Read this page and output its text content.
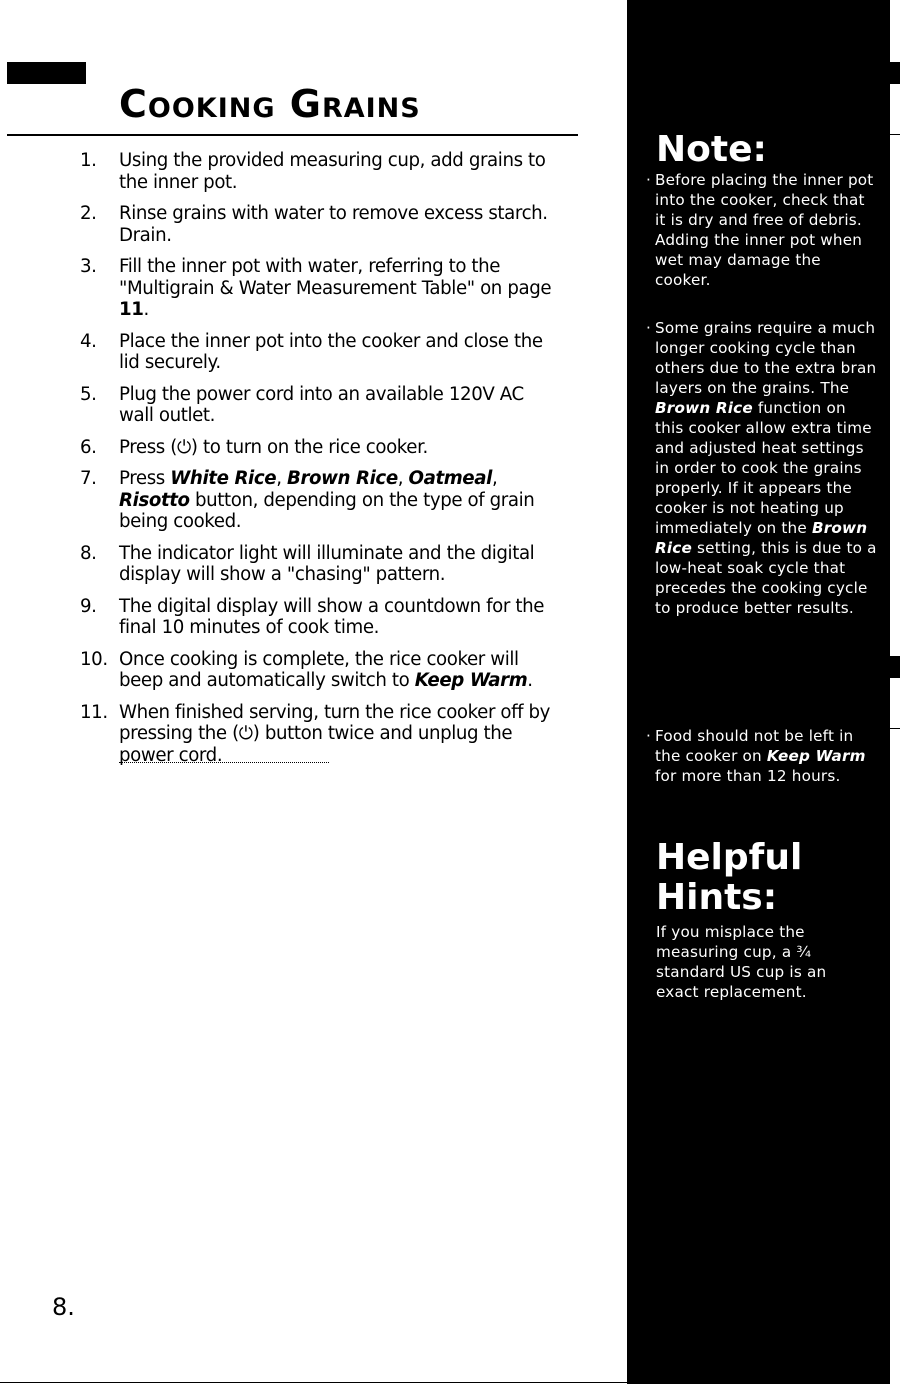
Cooking Grains
1.	Using the provided measuring cup, add grains to the inner pot.
2.	Rinse grains with water to remove excess starch. Drain.
3.	Fill the inner pot with water, referring to the "Multigrain & Water Measurement Table" on page 11.
4.	Place the inner pot into the cooker and close the lid securely.
5.	Plug the power cord into an available 120V AC wall outlet.
6.	Press (⏻) to turn on the rice cooker.
7.	Press White Rice, Brown Rice, Oatmeal, Risotto button, depending on the type of grain being cooked.
8.	The indicator light will illuminate and the digital display will show a "chasing" pattern.
9.	The digital display will show a countdown for the final 10 minutes of cook time.
10. Once cooking is complete, the rice cooker will beep and automatically switch to Keep Warm.
11. When finished serving, turn the rice cooker off by pressing the (⏻) button twice and unplug the power cord.
8.
Note:
· Before placing the inner pot into the cooker, check that it is dry and free of debris. Adding the inner pot when wet may damage the cooker.
· Some grains require a much longer cooking cycle than others due to the extra bran layers on the grains. The Brown Rice function on this cooker allow extra time and adjusted heat settings in order to cook the grains properly. If it appears the cooker is not heating up immediately on the Brown Rice setting, this is due to a low-heat soak cycle that precedes the cooking cycle to produce better results.
· Food should not be left in the cooker on Keep Warm for more than 12 hours.
Helpful Hints:
If you misplace the measuring cup, a ¾ standard US cup is an exact replacement.
